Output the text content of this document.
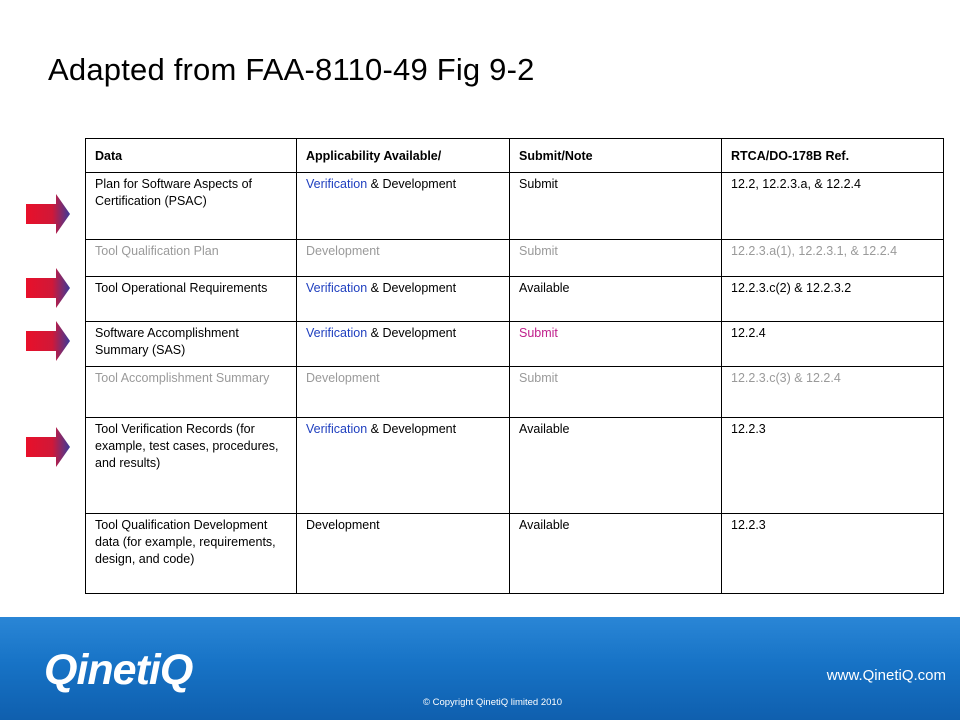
Adapted from FAA-8110-49 Fig 9-2
Data	Applicability Available/	Submit/Note	RTCA/DO-178B Ref.
Plan for Software Aspects of Certification (PSAC)	Verification & Development	Submit	12.2, 12.2.3.a, & 12.2.4
Tool Qualification Plan	Development	Submit	12.2.3.a(1), 12.2.3.1, & 12.2.4
Tool Operational Requirements	Verification & Development	Available	12.2.3.c(2) & 12.2.3.2
Software Accomplishment Summary (SAS)	Verification & Development	Submit	12.2.4
Tool Accomplishment Summary	Development	Submit	12.2.3.c(3) & 12.2.4
Tool Verification Records (for example, test cases, procedures, and results)	Verification & Development	Available	12.2.3
Tool Qualification Development data (for example, requirements, design, and code)	Development	Available	12.2.3
QinetiQ	www.QinetiQ.com
© Copyright QinetiQ limited 2010
